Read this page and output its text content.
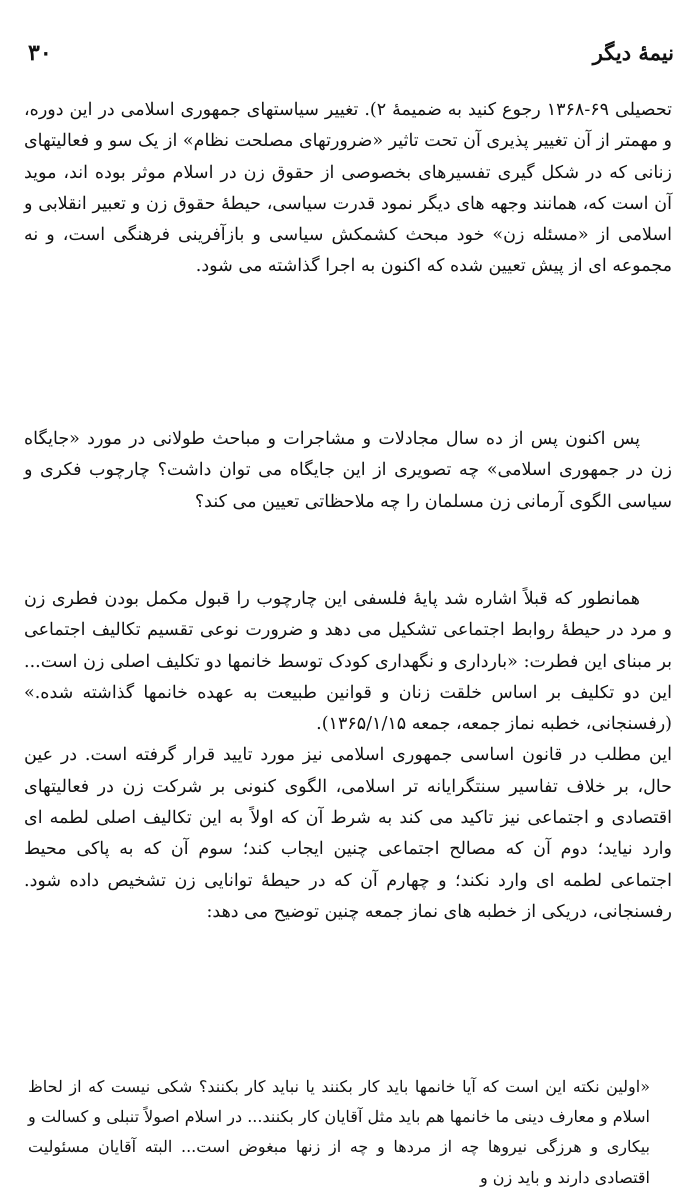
نیمهٔ دیگر
۳۰

تحصیلی ۶۹-۱۳۶۸ رجوع کنید به ضمیمهٔ ۲). تغییر سیاستهای جمهوری اسلامی در این دوره، و مهمتر از آن تغییر پذیری آن تحت تاثیر «ضرورتهای مصلحت نظام» از یک سو و فعالیتهای زنانی که در شکل گیری تفسیرهای بخصوصی از حقوق زن در اسلام موثر بوده اند، موید آن است که، همانند وجهه های دیگر نمود قدرت سیاسی، حیطهٔ حقوق زن و تعبیر انقلابی و اسلامی از «مسئله زن» خود مبحث کشمکش سیاسی و بازآفرینی فرهنگی است، و نه مجموعه ای از پیش تعیین شده که اکنون به اجرا گذاشته می شود.

پس اکنون پس از ده سال مجادلات و مشاجرات و مباحث طولانی در مورد «جایگاه زن در جمهوری اسلامی» چه تصویری از این جایگاه می توان داشت؟ چارچوب فکری و سیاسی الگوی آرمانی زن مسلمان را چه ملاحظاتی تعیین می کند؟

همانطور که قبلاً اشاره شد پایهٔ فلسفی این چارچوب را قبول مکمل بودن فطری زن و مرد در حیطهٔ روابط اجتماعی تشکیل می دهد و ضرورت نوعی تقسیم تکالیف اجتماعی بر مبنای این فطرت: «بارداری و نگهداری کودک توسط خانمها دو تکلیف اصلی زن است... این دو تکلیف بر اساس خلقت زنان و قوانین طبیعت به عهده خانمها گذاشته شده.» (رفسنجانی، خطبه نماز جمعه، جمعه ۱۳۶۵/۱/۱۵).

این مطلب در قانون اساسی جمهوری اسلامی نیز مورد تایید قرار گرفته است. در عین حال، بر خلاف تفاسیر سنتگرایانه تر اسلامی، الگوی کنونی بر شرکت زن در فعالیتهای اقتصادی و اجتماعی نیز تاکید می کند به شرط آن که اولاً به این تکالیف اصلی لطمه ای وارد نیاید؛ دوم آن که مصالح اجتماعی چنین ایجاب کند؛ سوم آن که به پاکی محیط اجتماعی لطمه ای وارد نکند؛ و چهارم آن که در حیطهٔ توانایی زن تشخیص داده شود. رفسنجانی، دریکی از خطبه های نماز جمعه چنین توضیح می دهد:

«اولین نکته این است که آیا خانمها باید کار بکنند یا نباید کار بکنند؟ شکی نیست که از لحاظ اسلام و معارف دینی ما خانمها هم باید مثل آقایان کار بکنند... در اسلام اصولاً تنبلی و کسالت و بیکاری و هرزگی نیروها چه از مردها و چه از زنها مبغوض است... البته آقایان مسئولیت اقتصادی دارند و باید زن و
